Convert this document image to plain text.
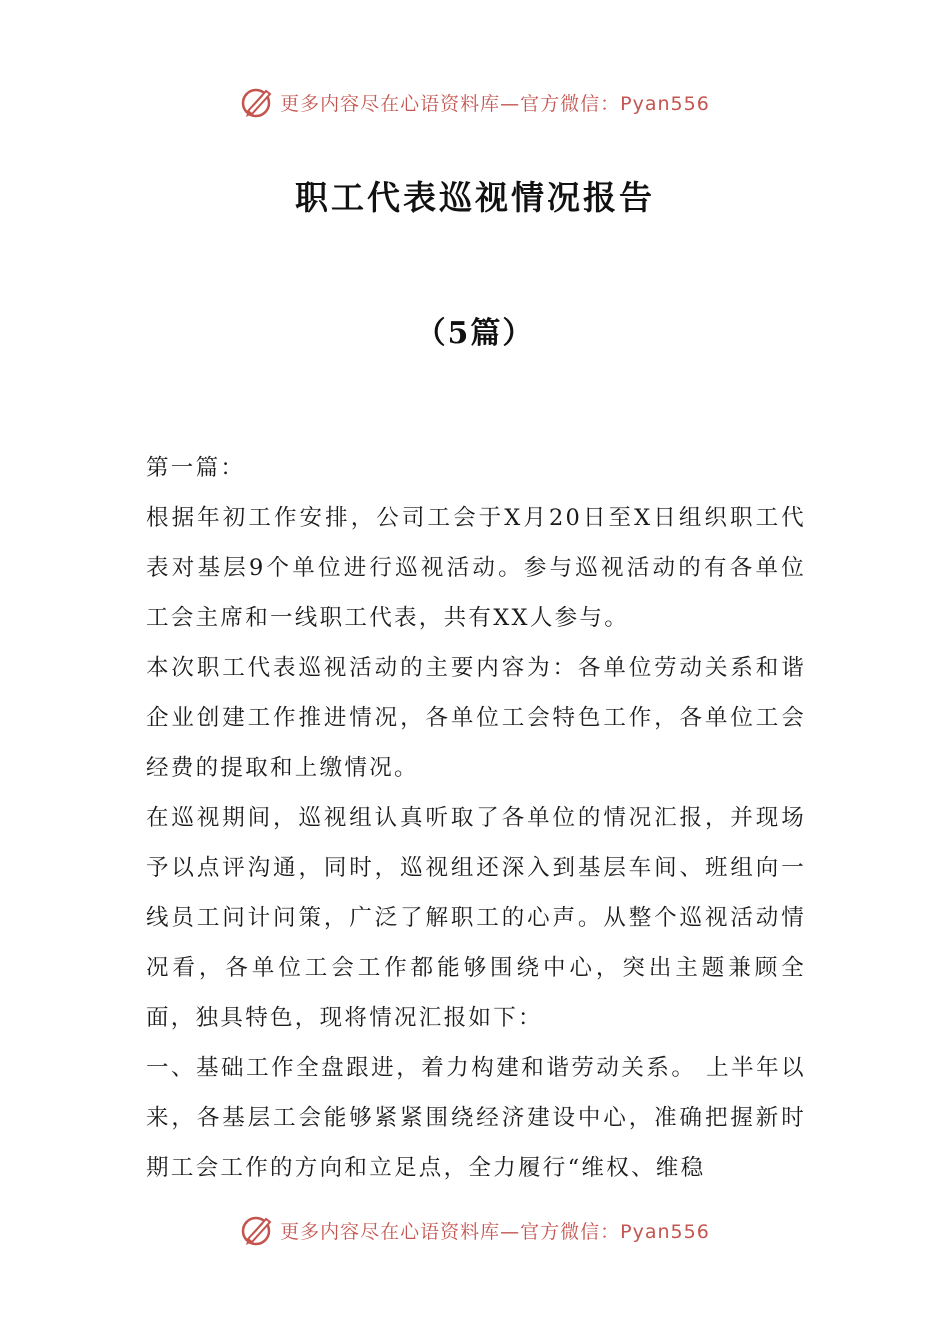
更多内容尽在心语资料库—官方微信：Pyan556
职工代表巡视情况报告
（5篇）

第一篇：

根据年初工作安排，公司工会于X月20日至X日组织职工代表对基层9个单位进行巡视活动。参与巡视活动的有各单位工会主席和一线职工代表，共有XX人参与。

本次职工代表巡视活动的主要内容为：各单位劳动关系和谐企业创建工作推进情况，各单位工会特色工作，各单位工会经费的提取和上缴情况。

在巡视期间，巡视组认真听取了各单位的情况汇报，并现场予以点评沟通，同时，巡视组还深入到基层车间、班组向一线员工问计问策，广泛了解职工的心声。从整个巡视活动情况看，各单位工会工作都能够围绕中心，突出主题兼顾全面，独具特色，现将情况汇报如下：

一、基础工作全盘跟进，着力构建和谐劳动关系。 上半年以来，各基层工会能够紧紧围绕经济建设中心，准确把握新时期工会工作的方向和立足点，全力履行“维权、维稳

更多内容尽在心语资料库—官方微信：Pyan556
